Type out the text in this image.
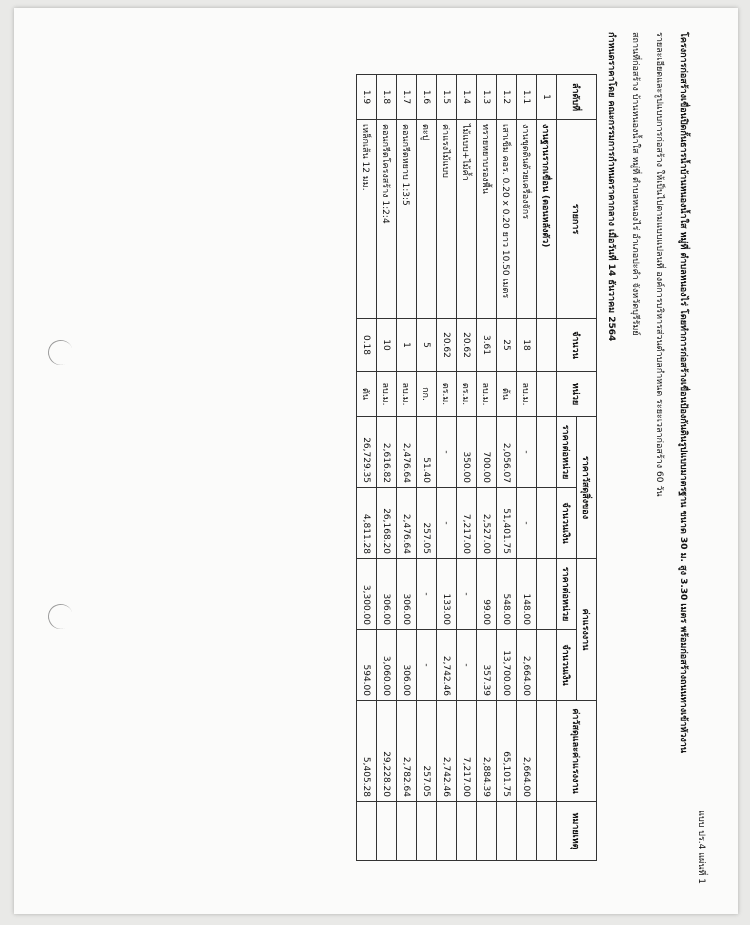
แบบ ปร.4 แผ่นที่ 1
โครงการก่อสร้างเขื่อนปิดกั้นธารน้ำบ้านหนองน้ำใส หมู่ที่ ตำบลหนองไร่ โดยทำการก่อสร้างเขื่อนป้องกันดินรูปแบบมาตรฐาน ขนาด 30 ม. สูง 3.30 เมตร พร้อมก่อสร้างถนนทางเข้าหัวงาน
รายละเอียดและรูปแบบการก่อสร้าง ให้เป็นไปตามแบบแปลนที่ องค์การบริหารส่วนตำบลกำหนด ระยะเวลาก่อสร้าง 60 วัน
สถานที่ก่อสร้าง บ้านหนองน้ำใส หมู่ที่ ตำบลหนองไร่ อำเภอปะคำ จังหวัดบุรีรัมย์
กำหนดราคาโดย คณะกรรมการกำหนดราคากลาง เมื่อวันที่ 14 ธันวาคม 2564
ลำดับที่	รายการ	จำนวน	หน่วย	ราคาวัสดุสิ่งของ		ค่าแรงงาน		ค่าวัสดุและค่าแรงงาน	หมายเหตุ
				ราคาต่อหน่วย	จำนวนเงิน	ราคาต่อหน่วย	จำนวนเงิน		
1	งานฐานรากเขื่อน (ตอนหลังตัว)								
1.1	งานขุดดินด้วยเครื่องจักร	18	ลบ.ม.	-	-	148.00	2,664.00	2,664.00	
1.2	เสาเข็ม คอร. 0.20 x 0.20 ยาว 10.50 เมตร	25	ต้น	2,056.07	51,401.75	548.00	13,700.00	65,101.75	
1.3	ทรายหยาบรองพื้น	3.61	ลบ.ม.	700.00	2,527.00	99.00	357.39	2,884.39	
1.4	ไม้แบบ+ไม้ค้ำ	20.62	ตร.ม.	350.00	7,217.00	-	-	7,217.00	
1.5	ค่าแรงไม้แบบ	20.62	ตร.ม.	-	-	133.00	2,742.46	2,742.46	
1.6	ตะปู	5	กก.	51.40	257.05	-	-	257.05	
1.7	คอนกรีตหยาบ 1:3:5	1	ลบ.ม.	2,476.64	2,476.64	306.00	306.00	2,782.64	
1.8	คอนกรีตโครงสร้าง 1:2:4	10	ลบ.ม.	2,616.82	26,168.20	306.00	3,060.00	29,228.20	
1.9	เหล็กเส้น 12 มม.	0.18	ตัน	26,729.35	4,811.28	3,300.00	594.00	5,405.28	
